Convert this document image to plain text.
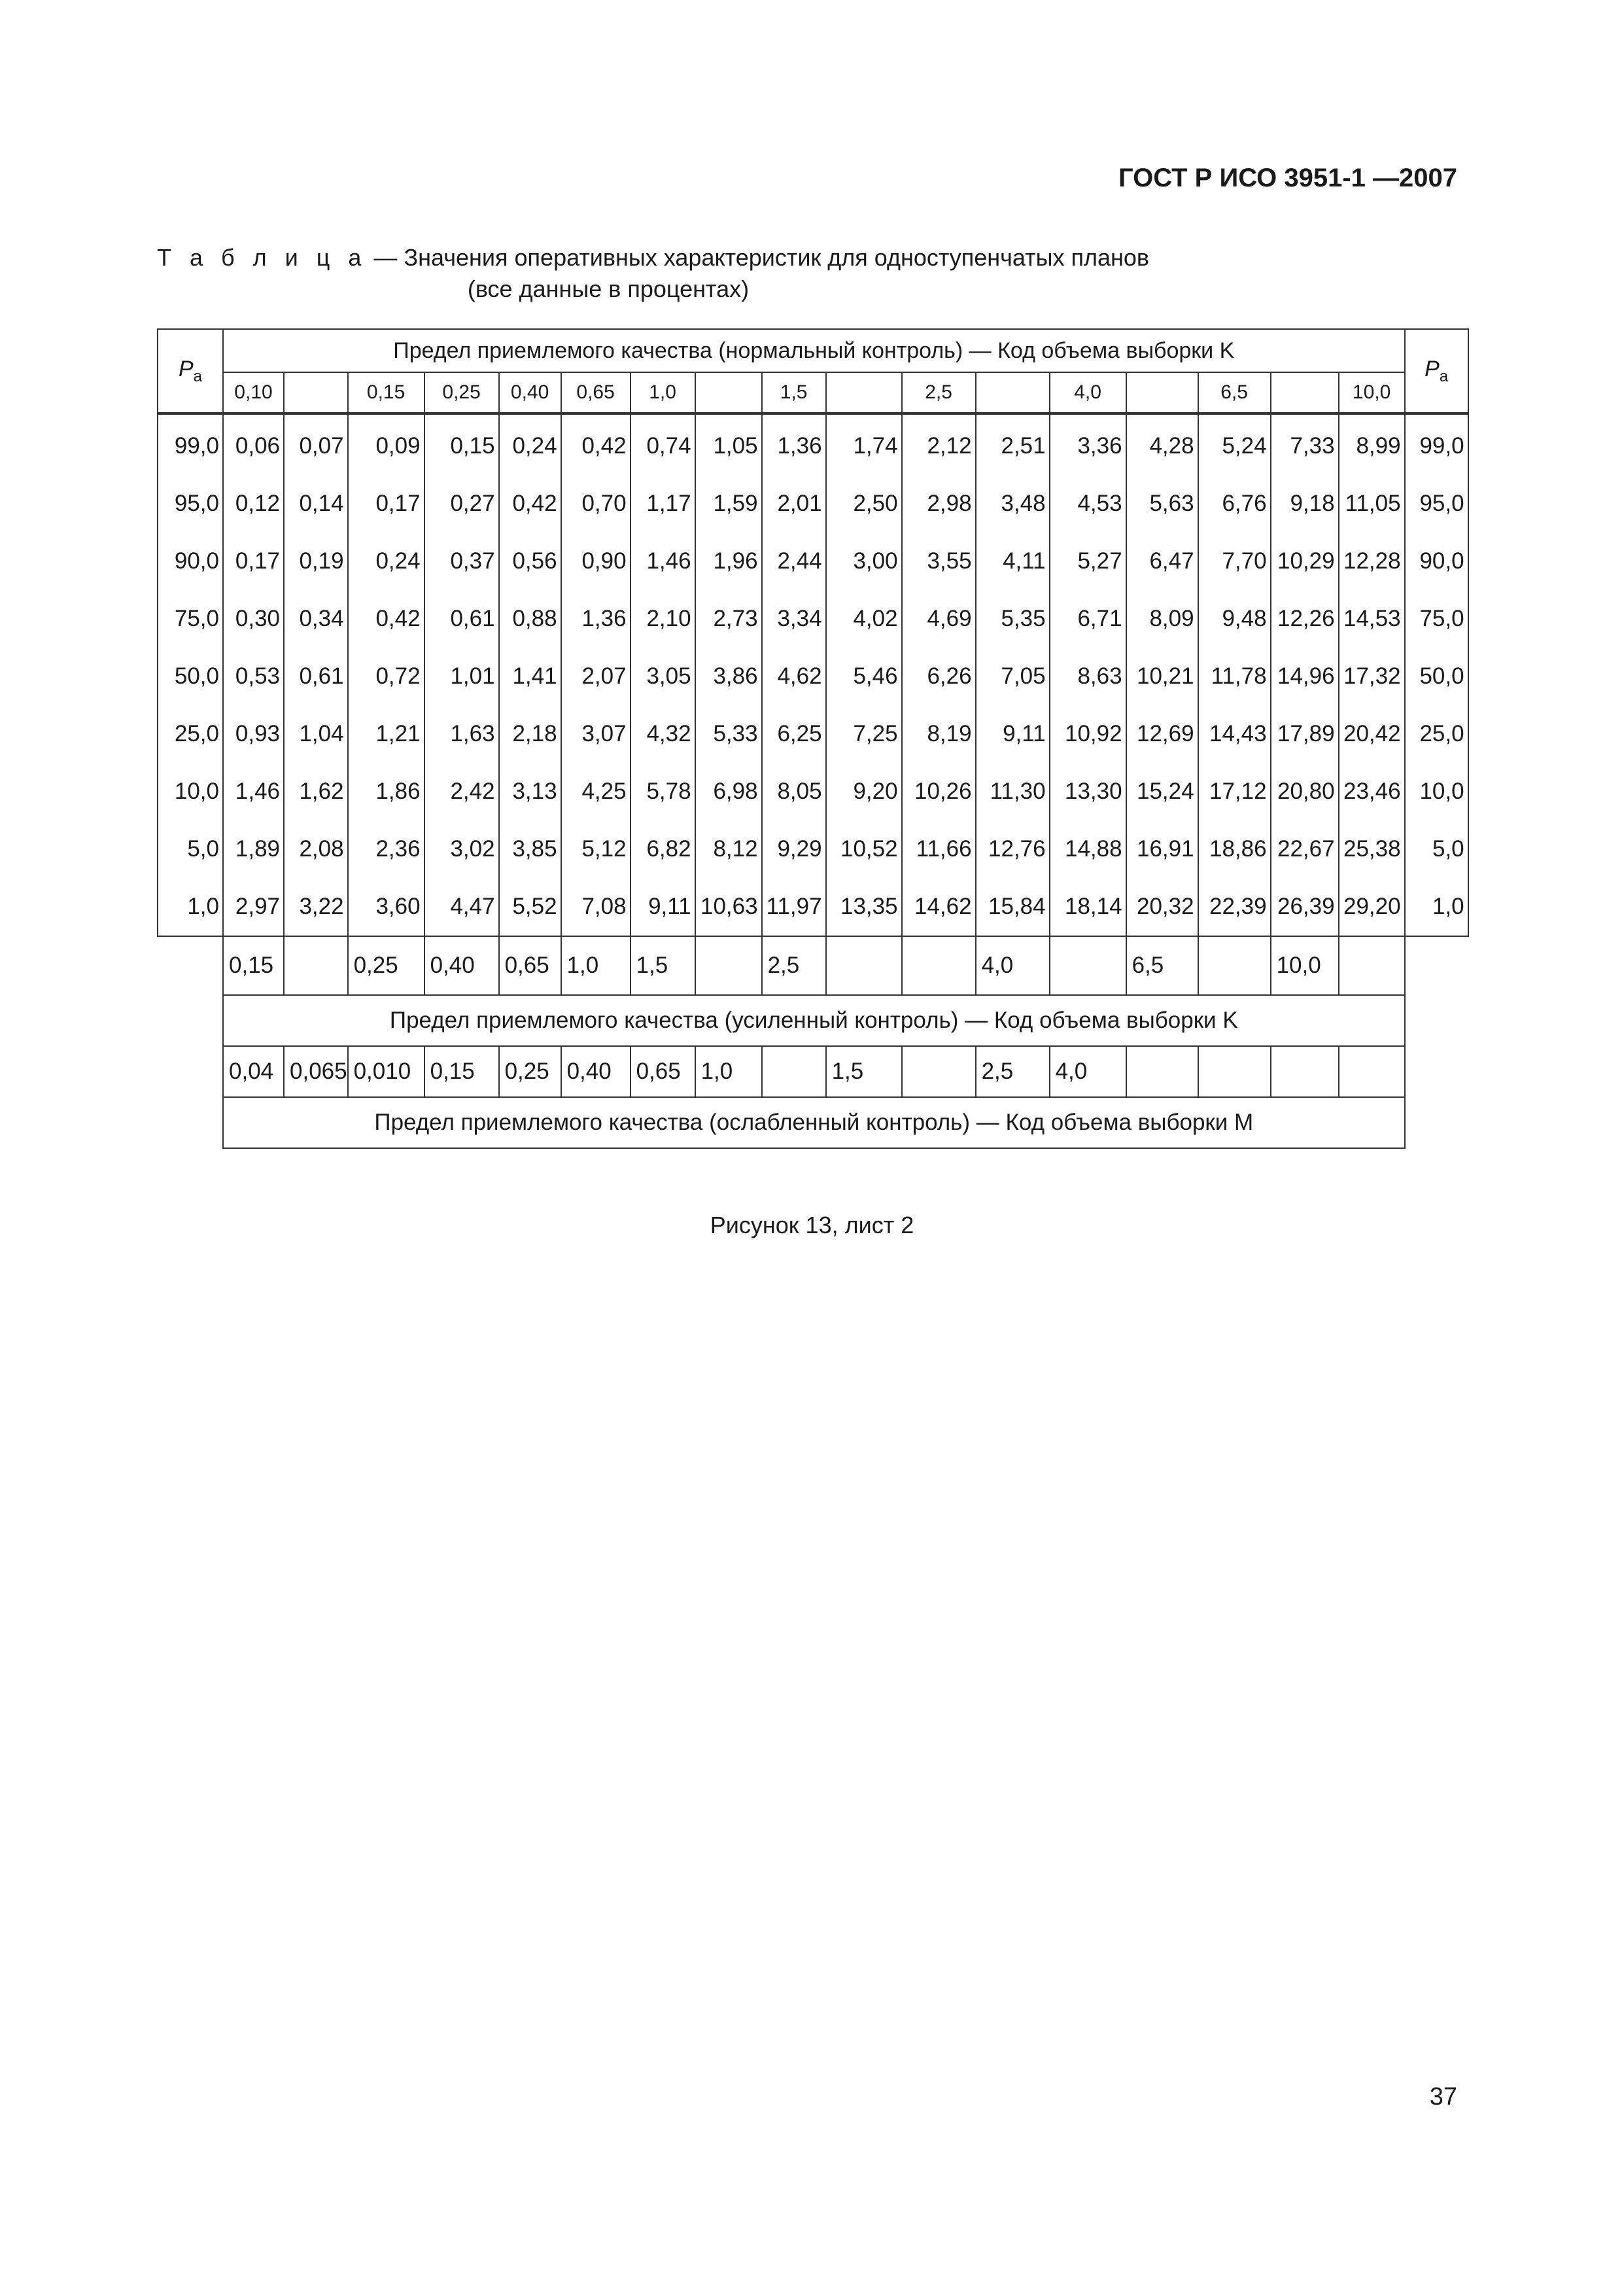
ГОСТ Р ИСО 3951-1 —2007
Т а б л и ц а — Значения оперативных характеристик для одноступенчатых планов
(все данные в процентах)
$P_a$	Предел приемлемого качества (нормальный контроль) — Код объема выборки K																	$P_a$
	0,10		0,15	0,25	0,40	0,65	1,0		1,5		2,5		4,0		6,5		10,0	
99,0	0,06	0,07	0,09	0,15	0,24	0,42	0,74	1,05	1,36	1,74	2,12	2,51	3,36	4,28	5,24	7,33	8,99	99,0
95,0	0,12	0,14	0,17	0,27	0,42	0,70	1,17	1,59	2,01	2,50	2,98	3,48	4,53	5,63	6,76	9,18	11,05	95,0
90,0	0,17	0,19	0,24	0,37	0,56	0,90	1,46	1,96	2,44	3,00	3,55	4,11	5,27	6,47	7,70	10,29	12,28	90,0
75,0	0,30	0,34	0,42	0,61	0,88	1,36	2,10	2,73	3,34	4,02	4,69	5,35	6,71	8,09	9,48	12,26	14,53	75,0
50,0	0,53	0,61	0,72	1,01	1,41	2,07	3,05	3,86	4,62	5,46	6,26	7,05	8,63	10,21	11,78	14,96	17,32	50,0
25,0	0,93	1,04	1,21	1,63	2,18	3,07	4,32	5,33	6,25	7,25	8,19	9,11	10,92	12,69	14,43	17,89	20,42	25,0
10,0	1,46	1,62	1,86	2,42	3,13	4,25	5,78	6,98	8,05	9,20	10,26	11,30	13,30	15,24	17,12	20,80	23,46	10,0
5,0	1,89	2,08	2,36	3,02	3,85	5,12	6,82	8,12	9,29	10,52	11,66	12,76	14,88	16,91	18,86	22,67	25,38	5,0
1,0	2,97	3,22	3,60	4,47	5,52	7,08	9,11	10,63	11,97	13,35	14,62	15,84	18,14	20,32	22,39	26,39	29,20	1,0
	0,15		0,25	0,40	0,65	1,0	1,5		2,5			4,0		6,5		10,0		
	Предел приемлемого качества (усиленный контроль) — Код объема выборки K																	
	0,04	0,065	0,010	0,15	0,25	0,40	0,65	1,0		1,5		2,5	4,0					
	Предел приемлемого качества (ослабленный контроль) — Код объема выборки M																	
Рисунок 13, лист 2
37
